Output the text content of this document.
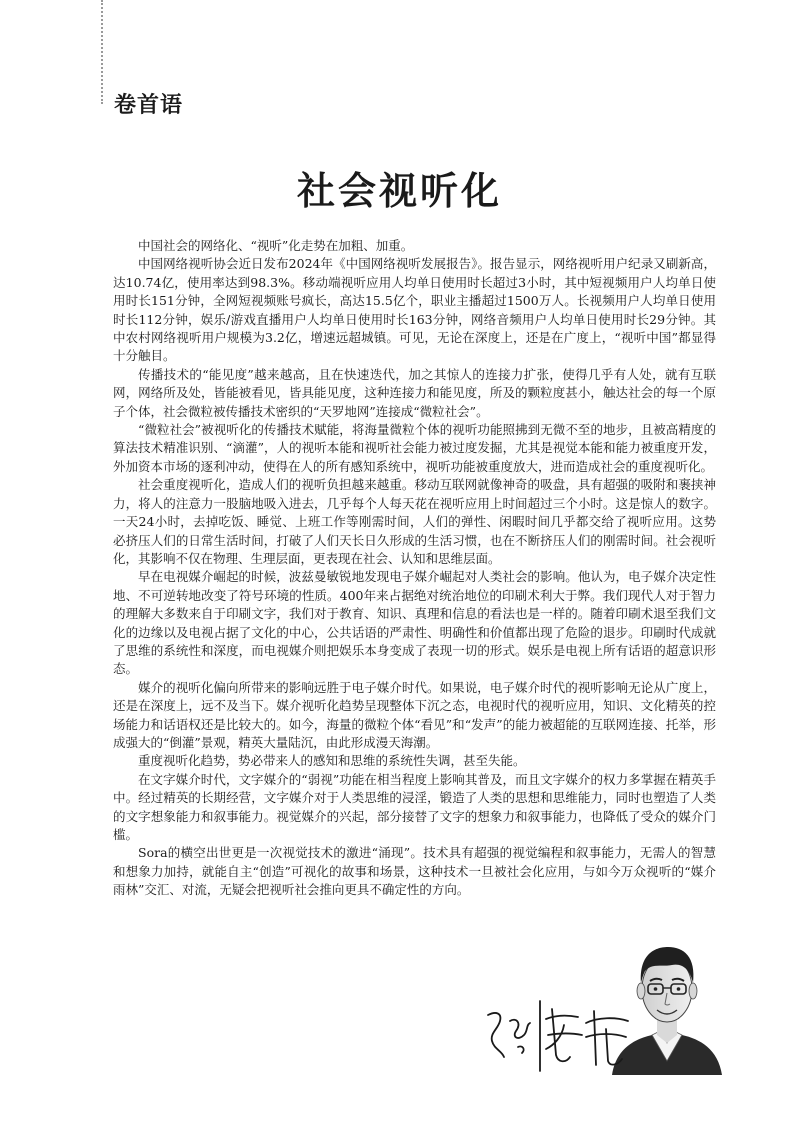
卷首语
社会视听化

中国社会的网络化、“视听”化走势在加粗、加重。

中国网络视听协会近日发布2024年《中国网络视听发展报告》。报告显示，网络视听用户纪录又刷新高，达10.74亿，使用率达到98.3%。移动端视听应用人均单日使用时长超过3小时，其中短视频用户人均单日使用时长151分钟，全网短视频账号疯长，高达15.5亿个，职业主播超过1500万人。长视频用户人均单日使用时长112分钟，娱乐/游戏直播用户人均单日使用时长163分钟，网络音频用户人均单日使用时长29分钟。其中农村网络视听用户规模为3.2亿，增速远超城镇。可见，无论在深度上，还是在广度上，“视听中国”都显得十分触目。

传播技术的“能见度”越来越高，且在快速迭代，加之其惊人的连接力扩张，使得几乎有人处，就有互联网，网络所及处，皆能被看见，皆具能见度，这种连接力和能见度，所及的颗粒度甚小，触达社会的每一个原子个体，社会微粒被传播技术密织的“天罗地网”连接成“微粒社会”。

“微粒社会”被视听化的传播技术赋能，将海量微粒个体的视听功能照拂到无微不至的地步，且被高精度的算法技术精准识别、“滴灌”，人的视听本能和视听社会能力被过度发掘，尤其是视觉本能和能力被重度开发，外加资本市场的逐利冲动，使得在人的所有感知系统中，视听功能被重度放大，进而造成社会的重度视听化。

社会重度视听化，造成人们的视听负担越来越重。移动互联网就像神奇的吸盘，具有超强的吸附和裹挟神力，将人的注意力一股脑地吸入进去，几乎每个人每天花在视听应用上时间超过三个小时。这是惊人的数字。一天24小时，去掉吃饭、睡觉、上班工作等刚需时间，人们的弹性、闲暇时间几乎都交给了视听应用。这势必挤压人们的日常生活时间，打破了人们天长日久形成的生活习惯，也在不断挤压人们的刚需时间。社会视听化，其影响不仅在物理、生理层面，更表现在社会、认知和思维层面。

早在电视媒介崛起的时候，波兹曼敏锐地发现电子媒介崛起对人类社会的影响。他认为，电子媒介决定性地、不可逆转地改变了符号环境的性质。400年来占据绝对统治地位的印刷术利大于弊。我们现代人对于智力的理解大多数来自于印刷文字，我们对于教育、知识、真理和信息的看法也是一样的。随着印刷术退至我们文化的边缘以及电视占据了文化的中心，公共话语的严肃性、明确性和价值都出现了危险的退步。印刷时代成就了思维的系统性和深度，而电视媒介则把娱乐本身变成了表现一切的形式。娱乐是电视上所有话语的超意识形态。

媒介的视听化偏向所带来的影响远胜于电子媒介时代。如果说，电子媒介时代的视听影响无论从广度上，还是在深度上，远不及当下。媒介视听化趋势呈现整体下沉之态，电视时代的视听应用，知识、文化精英的控场能力和话语权还是比较大的。如今，海量的微粒个体“看见”和“发声”的能力被超能的互联网连接、托举，形成强大的“倒灌”景观，精英大量陆沉，由此形成漫天海潮。

重度视听化趋势，势必带来人的感知和思维的系统性失调，甚至失能。

在文字媒介时代，文字媒介的“弱视”功能在相当程度上影响其普及，而且文字媒介的权力多掌握在精英手中。经过精英的长期经营，文字媒介对于人类思维的浸淫，锻造了人类的思想和思维能力，同时也塑造了人类的文字想象能力和叙事能力。视觉媒介的兴起，部分接替了文字的想象力和叙事能力，也降低了受众的媒介门槛。

Sora的横空出世更是一次视觉技术的激进“涌现”。技术具有超强的视觉编程和叙事能力，无需人的智慧和想象力加持，就能自主“创造”可视化的故事和场景，这种技术一旦被社会化应用，与如今万众视听的“媒介雨林”交汇、对流，无疑会把视听社会推向更具不确定性的方向。
